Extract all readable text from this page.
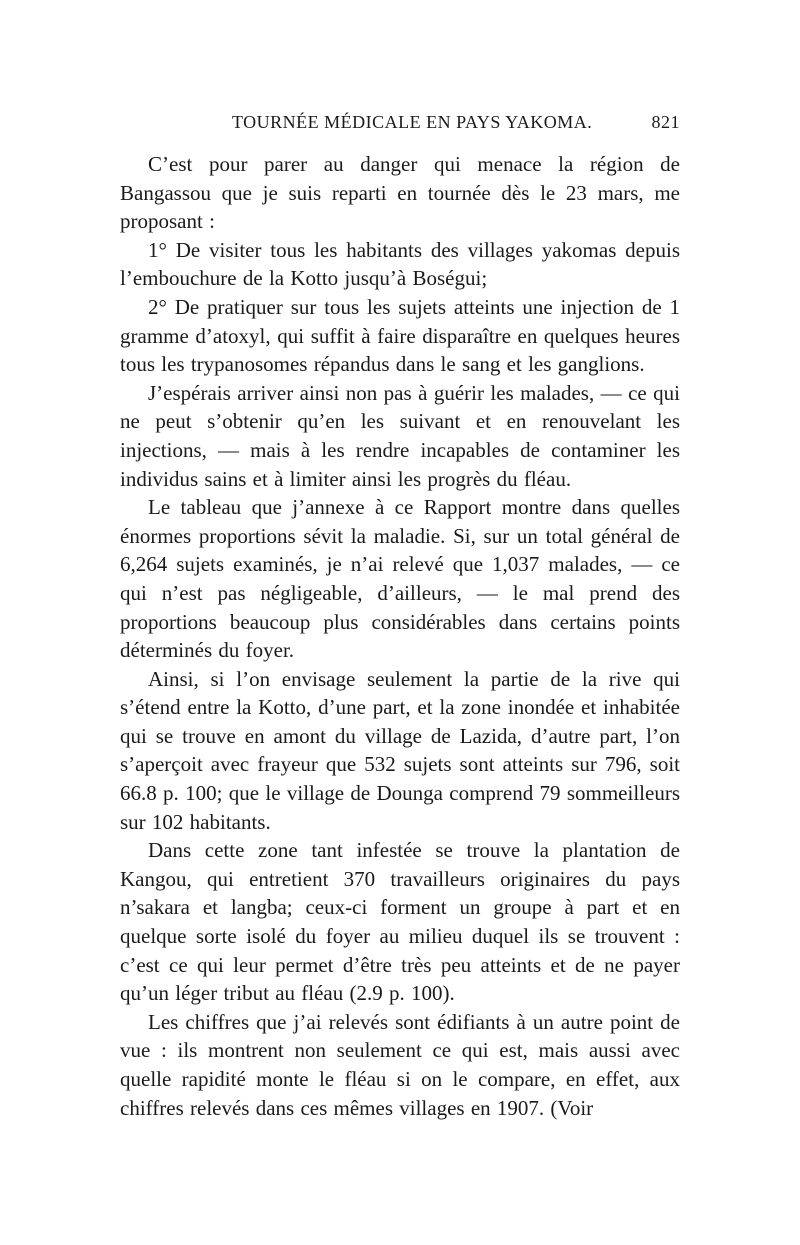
TOURNÉE MÉDICALE EN PAYS YAKOMA.	821

C’est pour parer au danger qui menace la région de Bangassou que je suis reparti en tournée dès le 23 mars, me proposant :

1° De visiter tous les habitants des villages yakomas depuis l’embouchure de la Kotto jusqu’à Boségui;

2° De pratiquer sur tous les sujets atteints une injection de 1 gramme d’atoxyl, qui suffit à faire disparaître en quelques heures tous les trypanosomes répandus dans le sang et les ganglions.

J’espérais arriver ainsi non pas à guérir les malades, — ce qui ne peut s’obtenir qu’en les suivant et en renouvelant les injections, — mais à les rendre incapables de contaminer les individus sains et à limiter ainsi les progrès du fléau.

Le tableau que j’annexe à ce Rapport montre dans quelles énormes proportions sévit la maladie. Si, sur un total général de 6,264 sujets examinés, je n’ai relevé que 1,037 malades, — ce qui n’est pas négligeable, d’ailleurs, — le mal prend des proportions beaucoup plus considérables dans certains points déterminés du foyer.

Ainsi, si l’on envisage seulement la partie de la rive qui s’étend entre la Kotto, d’une part, et la zone inondée et inhabitée qui se trouve en amont du village de Lazida, d’autre part, l’on s’aperçoit avec frayeur que 532 sujets sont atteints sur 796, soit 66.8 p. 100; que le village de Dounga comprend 79 sommeilleurs sur 102 habitants.

Dans cette zone tant infestée se trouve la plantation de Kangou, qui entretient 370 travailleurs originaires du pays n’sakara et langba; ceux-ci forment un groupe à part et en quelque sorte isolé du foyer au milieu duquel ils se trouvent : c’est ce qui leur permet d’être très peu atteints et de ne payer qu’un léger tribut au fléau (2.9 p. 100).

Les chiffres que j’ai relevés sont édifiants à un autre point de vue : ils montrent non seulement ce qui est, mais aussi avec quelle rapidité monte le fléau si on le compare, en effet, aux chiffres relevés dans ces mêmes villages en 1907. (Voir
